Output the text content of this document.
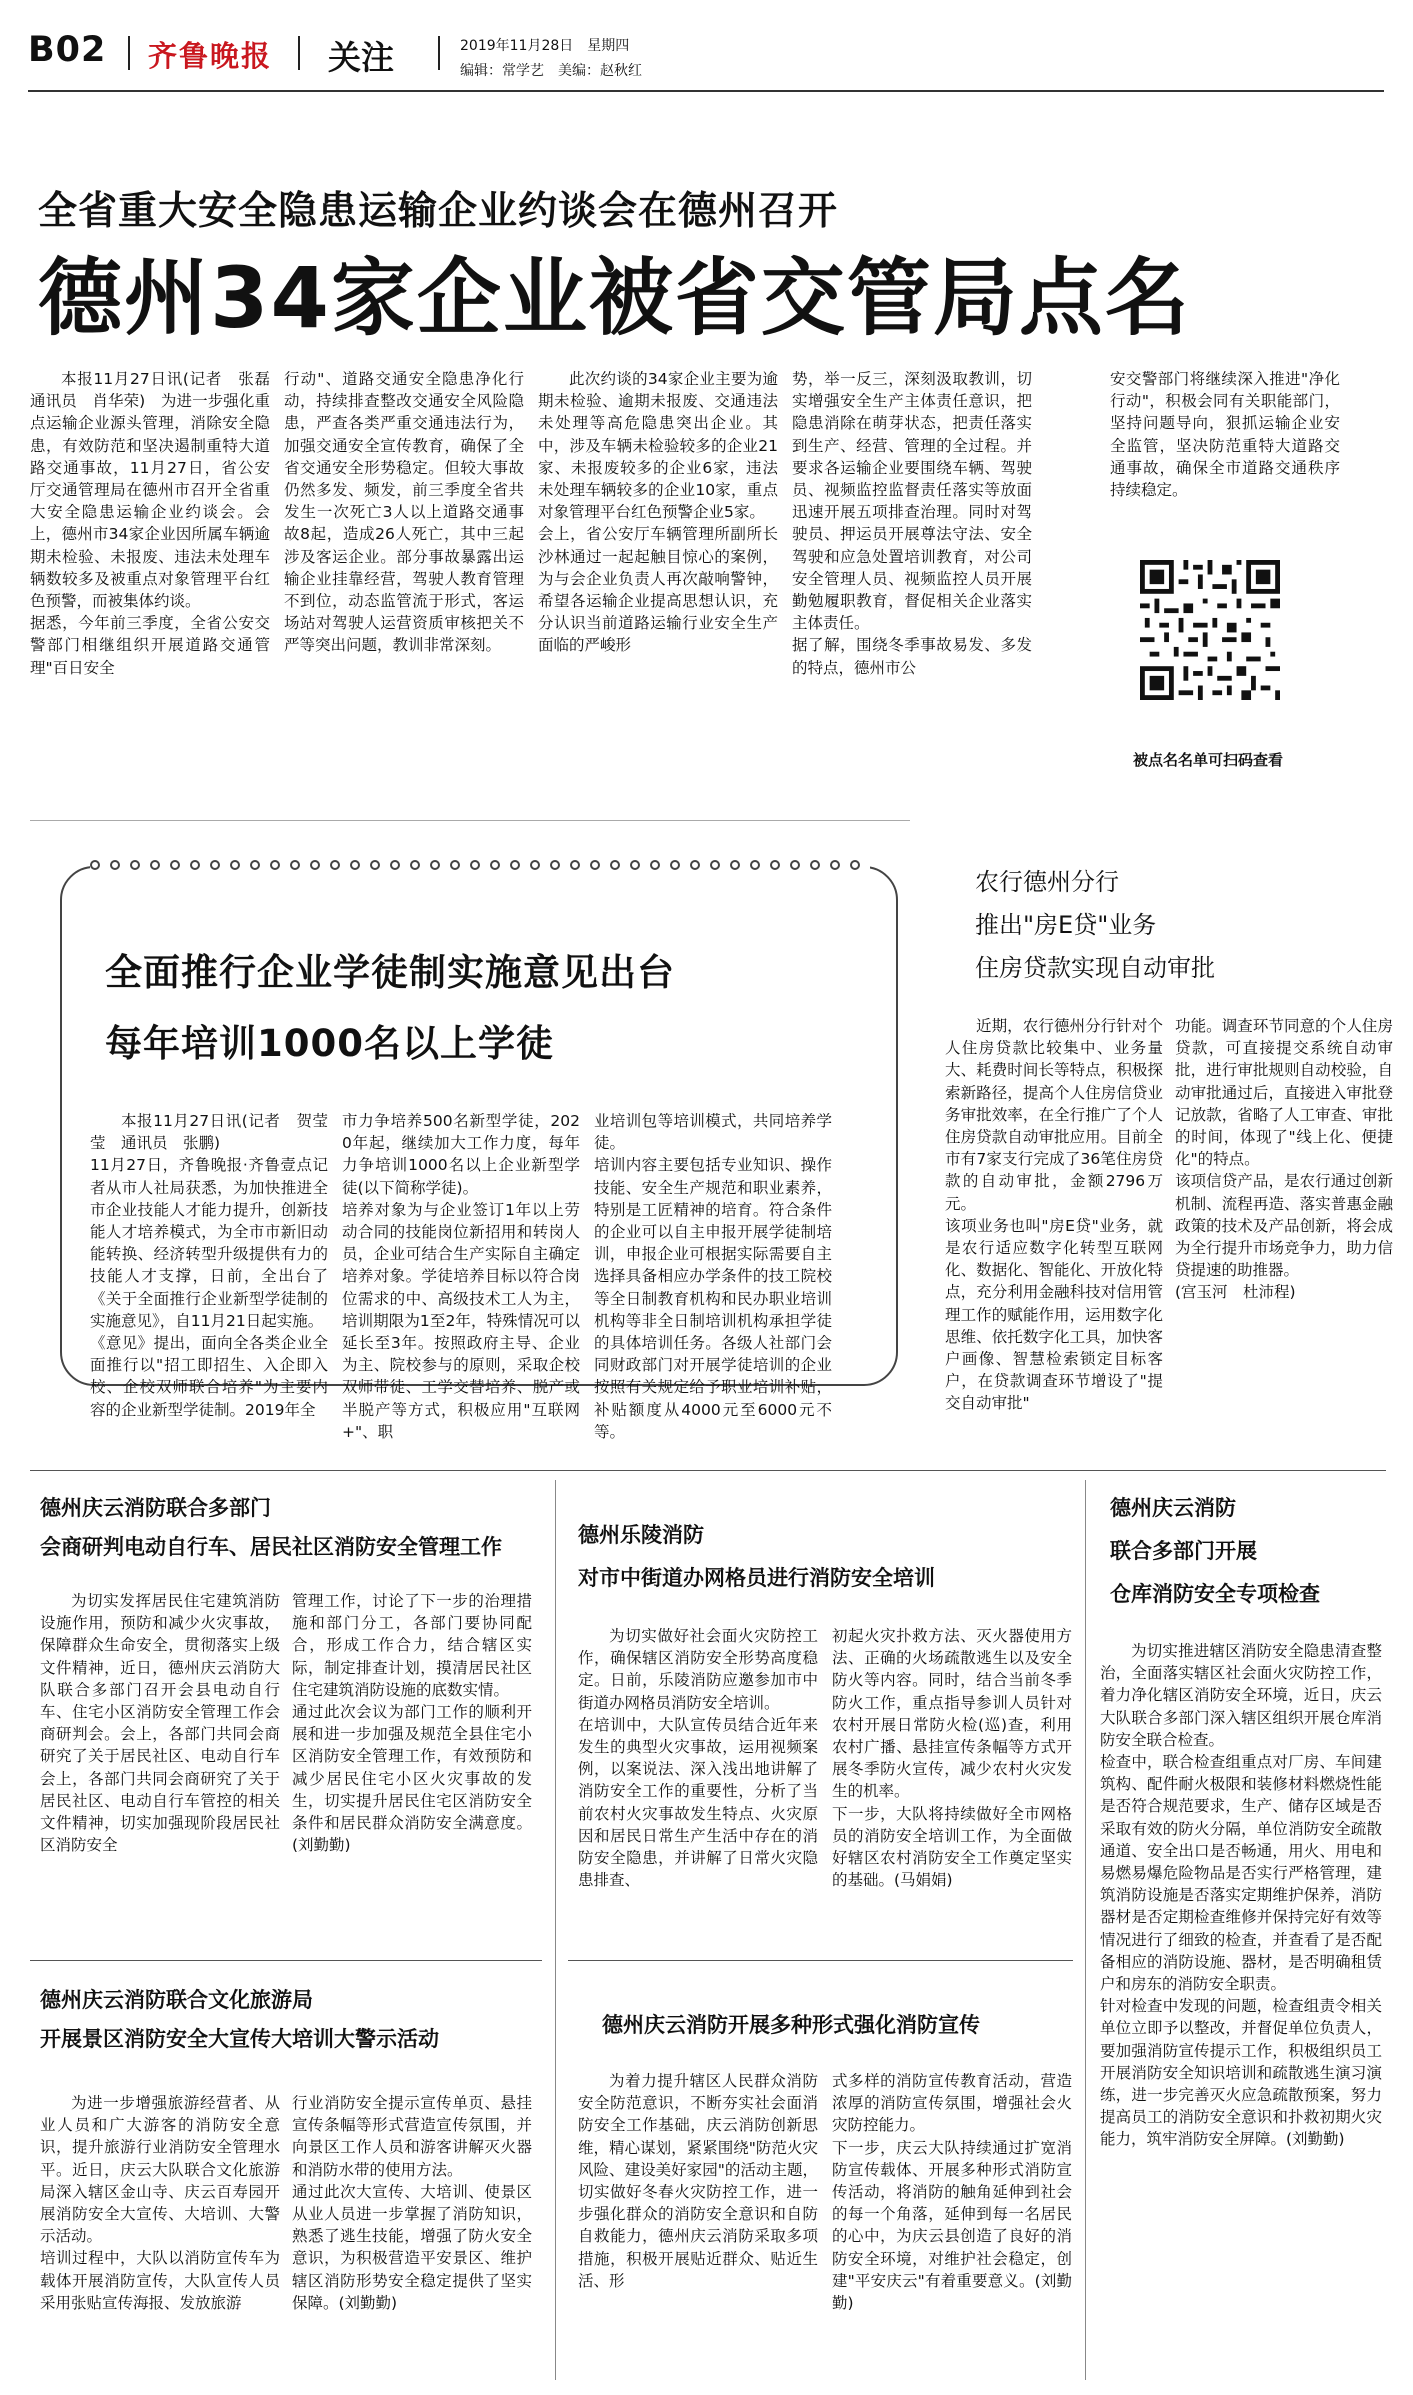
B02 齐鲁晚报 关注	2019年11月28日　星期四
编辑：常学艺　美编：赵秋红
全省重大安全隐患运输企业约谈会在德州召开
德州34家企业被省交管局点名

本报11月27日讯(记者　张磊　通讯员　肖华荣)　为进一步强化重点运输企业源头管理，消除安全隐患，有效防范和坚决遏制重特大道路交通事故，11月27日，省公安厅交通管理局在德州市召开全省重大安全隐患运输企业约谈会。会上，德州市34家企业因所属车辆逾期未检验、未报废、违法未处理车辆数较多及被重点对象管理平台红色预警，而被集体约谈。
据悉，今年前三季度，全省公安交警部门相继组织开展道路交通管理"百日安全

行动"、道路交通安全隐患净化行动，持续排查整改交通安全风险隐患，严查各类严重交通违法行为，加强交通安全宣传教育，确保了全省交通安全形势稳定。但较大事故仍然多发、频发，前三季度全省共发生一次死亡3人以上道路交通事故8起，造成26人死亡，其中三起涉及客运企业。部分事故暴露出运输企业挂靠经营，驾驶人教育管理不到位，动态监管流于形式，客运场站对驾驶人运营资质审核把关不严等突出问题，教训非常深刻。

此次约谈的34家企业主要为逾期未检验、逾期未报废、交通违法未处理等高危隐患突出企业。其中，涉及车辆未检验较多的企业21家、未报废较多的企业6家，违法未处理车辆较多的企业10家，重点对象管理平台红色预警企业5家。
会上，省公安厅车辆管理所副所长沙林通过一起起触目惊心的案例，为与会企业负责人再次敲响警钟，希望各运输企业提高思想认识，充分认识当前道路运输行业安全生产面临的严峻形

势，举一反三，深刻汲取教训，切实增强安全生产主体责任意识，把隐患消除在萌芽状态，把责任落实到生产、经营、管理的全过程。并要求各运输企业要围绕车辆、驾驶员、视频监控监督责任落实等放面迅速开展五项排查治理。同时对驾驶员、押运员开展尊法守法、安全驾驶和应急处置培训教育，对公司安全管理人员、视频监控人员开展勤勉履职教育，督促相关企业落实主体责任。
据了解，围绕冬季事故易发、多发的特点，德州市公

安交警部门将继续深入推进"净化行动"，积极会同有关职能部门，坚持问题导向，狠抓运输企业安全监管，坚决防范重特大道路交通事故，确保全市道路交通秩序持续稳定。

被点名名单可扫码查看
全面推行企业学徒制实施意见出台
每年培训1000名以上学徒

本报11月27日讯(记者　贺莹莹　通讯员　张鹏)
11月27日，齐鲁晚报·齐鲁壹点记者从市人社局获悉，为加快推进全市企业技能人才能力提升，创新技能人才培养模式，为全市市新旧动能转换、经济转型升级提供有力的技能人才支撑，日前，全出台了《关于全面推行企业新型学徒制的实施意见》，自11月21日起实施。
《意见》提出，面向全各类企业全面推行以"招工即招生、入企即入校、企校双师联合培养"为主要内容的企业新型学徒制。2019年全

市力争培养500名新型学徒，2020年起，继续加大工作力度，每年力争培训1000名以上企业新型学徒(以下简称学徒)。
培养对象为与企业签订1年以上劳动合同的技能岗位新招用和转岗人员，企业可结合生产实际自主确定培养对象。学徒培养目标以符合岗位需求的中、高级技术工人为主，培训期限为1至2年，特殊情况可以延长至3年。按照政府主导、企业为主、院校参与的原则，采取企校双师带徒、工学交替培养、脱产或半脱产等方式，积极应用"互联网+"、职

业培训包等培训模式，共同培养学徒。
培训内容主要包括专业知识、操作技能、安全生产规范和职业素养，特别是工匠精神的培育。符合条件的企业可以自主申报开展学徒制培训，申报企业可根据实际需要自主选择具备相应办学条件的技工院校等全日制教育机构和民办职业培训机构等非全日制培训机构承担学徒的具体培训任务。各级人社部门会同财政部门对开展学徒培训的企业按照有关规定给予职业培训补贴，补贴额度从4000元至6000元不等。

农行德州分行
推出"房E贷"业务
住房贷款实现自动审批

近期，农行德州分行针对个人住房贷款比较集中、业务量大、耗费时间长等特点，积极探索新路径，提高个人住房信贷业务审批效率，在全行推广了个人住房贷款自动审批应用。目前全市有7家支行完成了36笔住房贷款的自动审批，金额2796万元。
该项业务也叫"房E贷"业务，就是农行适应数字化转型互联网化、数据化、智能化、开放化特点，充分利用金融科技对信用管理工作的赋能作用，运用数字化思维、依托数字化工具，加快客户画像、智慧检索锁定目标客户，在贷款调查环节增设了"提交自动审批"

功能。调查环节同意的个人住房贷款，可直接提交系统自动审批，进行审批规则自动校验，自动审批通过后，直接进入审批登记放款，省略了人工审查、审批的时间，体现了"线上化、便捷化"的特点。
该项信贷产品，是农行通过创新机制、流程再造、落实普惠金融政策的技术及产品创新，将会成为全行提升市场竞争力，助力信贷提速的助推器。
(宫玉河　杜沛程)

德州庆云消防联合多部门
会商研判电动自行车、居民社区消防安全管理工作

为切实发挥居民住宅建筑消防设施作用，预防和减少火灾事故，保障群众生命安全，贯彻落实上级文件精神，近日，德州庆云消防大队联合多部门召开会县电动自行车、住宅小区消防安全管理工作会商研判会。会上，各部门共同会商研究了关于居民社区、电动自行车会上，各部门共同会商研究了关于居民社区、电动自行车管控的相关文件精神，切实加强现阶段居民社区消防安全

管理工作，讨论了下一步的治理措施和部门分工，各部门要协同配合，形成工作合力，结合辖区实际，制定排查计划，摸清居民社区住宅建筑消防设施的底数实情。
通过此次会议为部门工作的顺利开展和进一步加强及规范全县住宅小区消防安全管理工作，有效预防和减少居民住宅小区火灾事故的发生，切实提升居民住宅区消防安全条件和居民群众消防安全满意度。(刘勤勤)

德州乐陵消防
对市中街道办网格员进行消防安全培训

为切实做好社会面火灾防控工作，确保辖区消防安全形势高度稳定。日前，乐陵消防应邀参加市中街道办网格员消防安全培训。
在培训中，大队宣传员结合近年来发生的典型火灾事故，运用视频案例，以案说法、深入浅出地讲解了消防安全工作的重要性，分析了当前农村火灾事故发生特点、火灾原因和居民日常生产生活中存在的消防安全隐患，并讲解了日常火灾隐患排查、

初起火灾扑救方法、灭火器使用方法、正确的火场疏散逃生以及安全防火等内容。同时，结合当前冬季防火工作，重点指导参训人员针对农村开展日常防火检(巡)查，利用农村广播、悬挂宣传条幅等方式开展冬季防火宣传，减少农村火灾发生的机率。
下一步，大队将持续做好全市网格员的消防安全培训工作，为全面做好辖区农村消防安全工作奠定坚实的基础。(马娟娟)

德州庆云消防
联合多部门开展
仓库消防安全专项检查

为切实推进辖区消防安全隐患清查整治，全面落实辖区社会面火灾防控工作，着力净化辖区消防安全环境，近日，庆云大队联合多部门深入辖区组织开展仓库消防安全联合检查。
检查中，联合检查组重点对厂房、车间建筑构、配件耐火极限和装修材料燃烧性能是否符合规范要求，生产、储存区域是否采取有效的防火分隔，单位消防安全疏散通道、安全出口是否畅通，用火、用电和易燃易爆危险物品是否实行严格管理，建筑消防设施是否落实定期维护保养，消防器材是否定期检查维修并保持完好有效等情况进行了细致的检查，并查看了是否配备相应的消防设施、器材，是否明确租赁户和房东的消防安全职责。
针对检查中发现的问题，检查组责令相关单位立即予以整改，并督促单位负责人，要加强消防宣传提示工作，积极组织员工开展消防安全知识培训和疏散逃生演习演练，进一步完善灭火应急疏散预案，努力提高员工的消防安全意识和扑救初期火灾能力，筑牢消防安全屏障。(刘勤勤)

德州庆云消防联合文化旅游局
开展景区消防安全大宣传大培训大警示活动

为进一步增强旅游经营者、从业人员和广大游客的消防安全意识，提升旅游行业消防安全管理水平。近日，庆云大队联合文化旅游局深入辖区金山寺、庆云百寿园开展消防安全大宣传、大培训、大警示活动。
培训过程中，大队以消防宣传车为载体开展消防宣传，大队宣传人员采用张贴宣传海报、发放旅游

行业消防安全提示宣传单页、悬挂宣传条幅等形式营造宣传氛围，并向景区工作人员和游客讲解灭火器和消防水带的使用方法。
通过此次大宣传、大培训、使景区从业人员进一步掌握了消防知识，熟悉了逃生技能，增强了防火安全意识，为积极营造平安景区、维护辖区消防形势安全稳定提供了坚实保障。(刘勤勤)

德州庆云消防开展多种形式强化消防宣传

为着力提升辖区人民群众消防安全防范意识，不断夯实社会面消防安全工作基础，庆云消防创新思维，精心谋划，紧紧围绕"防范火灾风险、建设美好家园"的活动主题，切实做好冬春火灾防控工作，进一步强化群众的消防安全意识和自防自救能力，德州庆云消防采取多项措施，积极开展贴近群众、贴近生活、形

式多样的消防宣传教育活动，营造浓厚的消防宣传氛围，增强社会火灾防控能力。
下一步，庆云大队持续通过扩宽消防宣传载体、开展多种形式消防宣传活动，将消防的触角延伸到社会的每一个角落，延伸到每一名居民的心中，为庆云县创造了良好的消防安全环境，对维护社会稳定，创建"平安庆云"有着重要意义。(刘勤勤)
